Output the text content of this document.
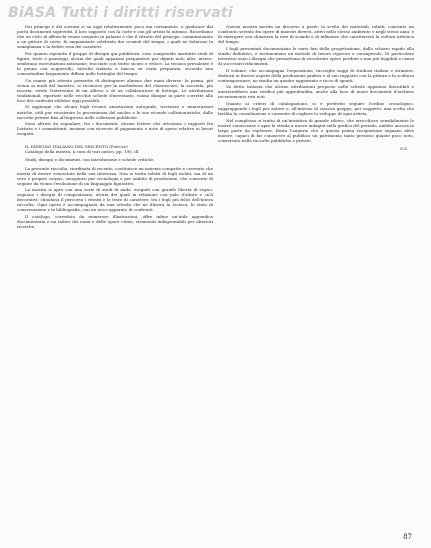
BiASA Tutti i diritti riservati

Dei principi e dei sovrani si sa oggi relativamente poco ma certamente, a giudicare dai pochi documenti superstiti, il loro rapporto con la corte e con gli artisti fu intenso. Ricordiamo che un ciclo di affreschi venne eseguito in palazzo e che il ritratto del principe, commissionato a un pittore di corte, fu ampiamente celebrato dai cronisti del tempo, i quali ne lodarono la somiglianza e la fedele resa dei caratteri.

Per quanto riguarda il gruppo di disegni qui pubblicati, esso comprende anzitutto studi di figure, teste e panneggi, alcuni dei quali appaiono preparatori per dipinti noti; altri, invece, sembrano esercitazioni autonome, tracciate con tratto sicuro e veloce. La tecnica prevalente è la penna con acquerello, talvolta rialzata a biacca su carta preparata, secondo una consuetudine largamente diffusa nelle botteghe del tempo.

Un esame più attento permette di distinguere almeno due mani diverse: la prima, più vicina ai modi del maestro, si riconosce per la morbidezza del chiaroscuro; la seconda, più incerta, rivela l'intervento di un allievo o di un collaboratore di bottega. Le attribuzioni tradizionali, riportate nelle vecchie schede d'inventario, vanno dunque in parte corrette alla luce dei confronti stilistici oggi possibili.

Si aggiunga che alcuni fogli recano annotazioni autografe, iscrizioni e numerazioni antiche, utili per ricostruire la provenienza del nucleo e le sue vicende collezionistiche, dalle raccolte private fino all'ingresso nelle collezioni pubbliche.

Sono altresì da segnalare, fra i documenti, alcune lettere che attestano i rapporti fra l'artista e i committenti, insieme con ricevute di pagamento e note di spese relative ai lavori eseguiti.

IL DISEGNO ITALIANO DEL SEICENTO (Firenze)

Catalogo della mostra, a cura di vari autori, pp. 190, ill.

Studi, disegni e documenti, con introduzione e schede critiche.

La presente raccolta, riordinata di recente, costituisce un insieme compatto e coerente che merita di essere conosciuto nella sua interezza. Non si tratta infatti di fogli isolati, ma di un vero e proprio corpus, omogeneo per cronologia e per ambito di produzione, che consente di seguire da vicino l'evoluzione di un linguaggio figurativo.

La mostra si apre con una serie di studi di nudo, eseguiti con grande libertà di segno; seguono i disegni di composizione, alcuni dei quali in relazione con pale d'altare e cicli decorativi; chiudono il percorso i ritratti e le teste di carattere, tra i fogli più felici dell'intera raccolta. Ogni opera è accompagnata da una scheda che ne illustra la tecnica, lo stato di conservazione e la bibliografia, con un ricco apparato di confronti.

Il catalogo, corredato da numerose illustrazioni, offre infine un'utile appendice documentaria e un indice dei nomi e delle opere citate, strumenti indispensabili per ulteriori ricerche.

Questa mostra merita un discorso a parte: la scelta dei materiali, infatti, consente un confronto serrato fra opere di maestri diversi, attivi nello stesso ambiente e negli stessi anni, e fa emergere con chiarezza la rete di scambi e di influenze che caratterizzò la cultura artistica del tempo.

I fogli presentati documentano le varie fasi della progettazione, dallo schizzo rapido allo studio definitivo, e testimoniano un metodo di lavoro rigoroso e consapevole. Di particolare interesse sono i disegni che permettono di ricostruire opere perdute o non più leggibili a causa di successivi rifacimenti.

Il volume, che accompagna l'esposizione, raccoglie saggi di studiosi italiani e stranieri, dedicati ai diversi aspetti della produzione grafica e al suo rapporto con la pittura e la scultura contemporanee; ne risulta un quadro aggiornato e ricco di spunti.

Va detto tuttavia che alcune attribuzioni proposte nelle schede appaiono discutibili e meriterebbero una verifica più approfondita, anche alla luce di nuovi documenti d'archivio recentemente resi noti.

Quanto ai criteri di catalogazione, si è preferito seguire l'ordine cronologico, raggruppando i fogli per autore e, all'interno di ciascun gruppo, per soggetto: una scelta che facilita la consultazione e consente di cogliere lo sviluppo di ogni artista.

Nel complesso si tratta di un'iniziativa di grande rilievo, che arricchisce sensibilmente le nostre conoscenze e apre la strada a nuove indagini sulla grafica del periodo, ambito ancora in larga parte da esplorare. Resta l'augurio che a questa prima ricognizione seguano altre mostre, capaci di far conoscere al pubblico un patrimonio tanto prezioso quanto poco noto, conservato nelle raccolte pubbliche e private.

G.S.

87
